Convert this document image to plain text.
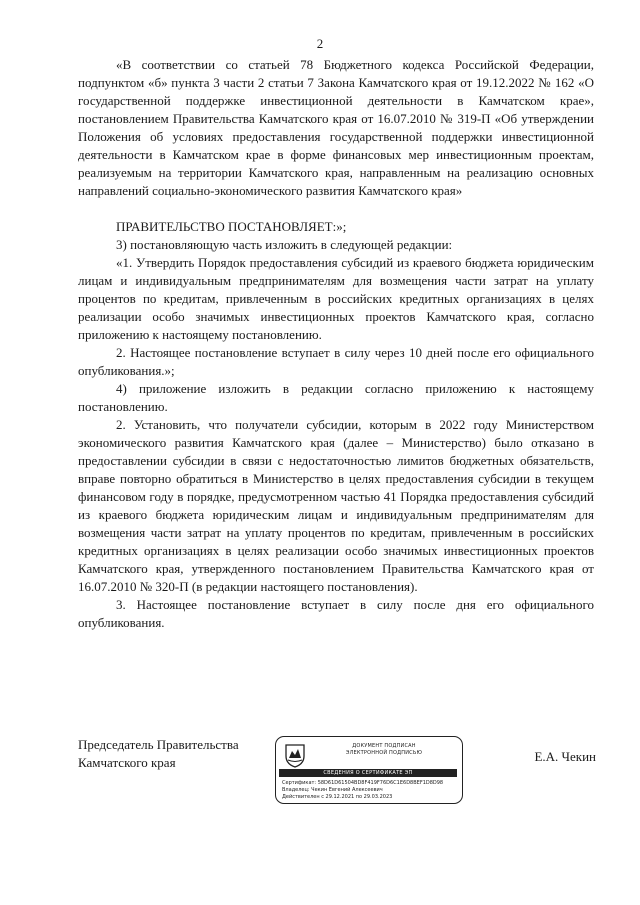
2

«В соответствии со статьей 78 Бюджетного кодекса Российской Федерации, подпунктом «б» пункта 3 части 2 статьи 7 Закона Камчатского края от 19.12.2022 № 162 «О государственной поддержке инвестиционной деятельности в Камчатском крае», постановлением Правительства Камчатского края от 16.07.2010 № 319-П «Об утверждении Положения об условиях предоставления государственной поддержки инвестиционной деятельности в Камчатском крае в форме финансовых мер инвестиционным проектам, реализуемым на территории Камчатского края, направленным на реализацию основных направлений социально-экономического развития Камчатского края»

ПРАВИТЕЛЬСТВО ПОСТАНОВЛЯЕТ:»;

3) постановляющую часть изложить в следующей редакции:

«1. Утвердить Порядок предоставления субсидий из краевого бюджета юридическим лицам и индивидуальным предпринимателям для возмещения части затрат на уплату процентов по кредитам, привлеченным в российских кредитных организациях в целях реализации особо значимых инвестиционных проектов Камчатского края, согласно приложению к настоящему постановлению.

2. Настоящее постановление вступает в силу через 10 дней после его официального опубликования.»;

4) приложение изложить в редакции согласно приложению к настоящему постановлению.

2. Установить, что получатели субсидии, которым в 2022 году Министерством экономического развития Камчатского края (далее – Министерство) было отказано в предоставлении субсидии в связи с недостаточностью лимитов бюджетных обязательств, вправе повторно обратиться в Министерство в целях предоставления субсидии в текущем финансовом году в порядке, предусмотренном частью 41 Порядка предоставления субсидий из краевого бюджета юридическим лицам и индивидуальным предпринимателям для возмещения части затрат на уплату процентов по кредитам, привлеченным в российских кредитных организациях в целях реализации особо значимых инвестиционных проектов Камчатского края, утвержденного постановлением Правительства Камчатского края от 16.07.2010 № 320-П (в редакции настоящего постановления).

3. Настоящее постановление вступает в силу после дня его официального опубликования.

Председатель Правительства
Камчатского края
ДОКУМЕНТ ПОДПИСАН
ЭЛЕКТРОННОЙ ПОДПИСЬЮ
СВЕДЕНИЯ О СЕРТИФИКАТЕ ЭП
Сертификат: 58D61D61504BD8F419F76D6C1E6D8BEF1D8D98
Владелец: Чекин Евгений Алексеевич
Действителен с 29.12.2021 по 29.03.2023
Е.А. Чекин
